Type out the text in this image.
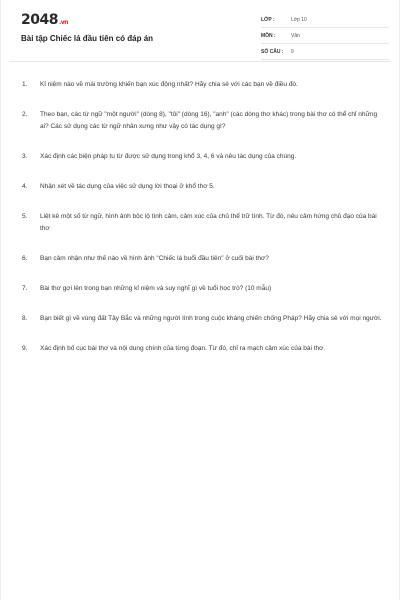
2048.vn
Bài tập Chiếc lá đầu tiên có đáp án
LỚP :	Lớp 10
MÔN :	Văn
SỐ CÂU :	9
1.	Kỉ niệm nào về mái trường khiến bạn xúc động nhất? Hãy chia sẻ với các bạn về điều đó.
2.	Theo bạn, các từ ngữ "một người" (dòng 8), "tôi" (dòng 16), "anh" (các dòng thơ khác) trong bài thơ có thể chỉ những ai? Các sử dụng các từ ngữ nhân xưng như vậy có tác dụng gì?
3.	Xác định các biện pháp tu từ được sử dụng trong khổ 3, 4, 6 và nêu tác dụng của chúng.
4.	Nhận xét về tác dụng của việc sử dụng lời thoại ở khổ thơ 5.
5.	Liệt kê một số từ ngữ, hình ảnh bộc lộ tình cảm, cảm xúc của chủ thể trữ tình. Từ đó, nêu cảm hứng chủ đạo của bài thơ
6.	Bạn cảm nhận như thế nào về hình ảnh "Chiếc lá buổi đầu tiên" ở cuối bài thơ?
7.	Bài thơ gợi lên trong bạn những kỉ niệm và suy nghĩ gì về tuổi học trò? (10 mẫu)
8.	Bạn biết gì về vùng đất Tây Bắc và những người lính trong cuộc kháng chiến chống Pháp? Hãy chia sẻ với mọi người.
9.	Xác định bố cục bài thơ và nội dung chính của từng đoạn. Từ đó, chỉ ra mạch cảm xúc của bài thơ.
